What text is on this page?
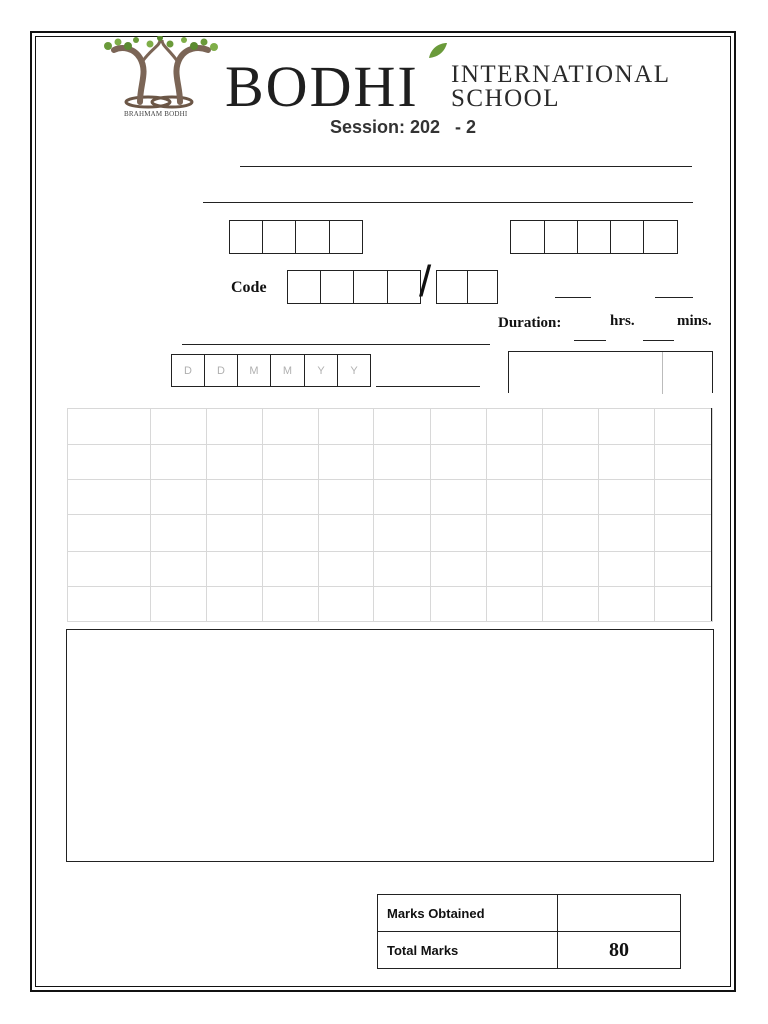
BRAHMAM BODHI BODHI INTERNATIONAL
SCHOOL
Session: 202   - 2
Code	/
Duration:	hrs.	mins.
D	D	M	M	Y	Y

Marks Obtained	
Total Marks	80
